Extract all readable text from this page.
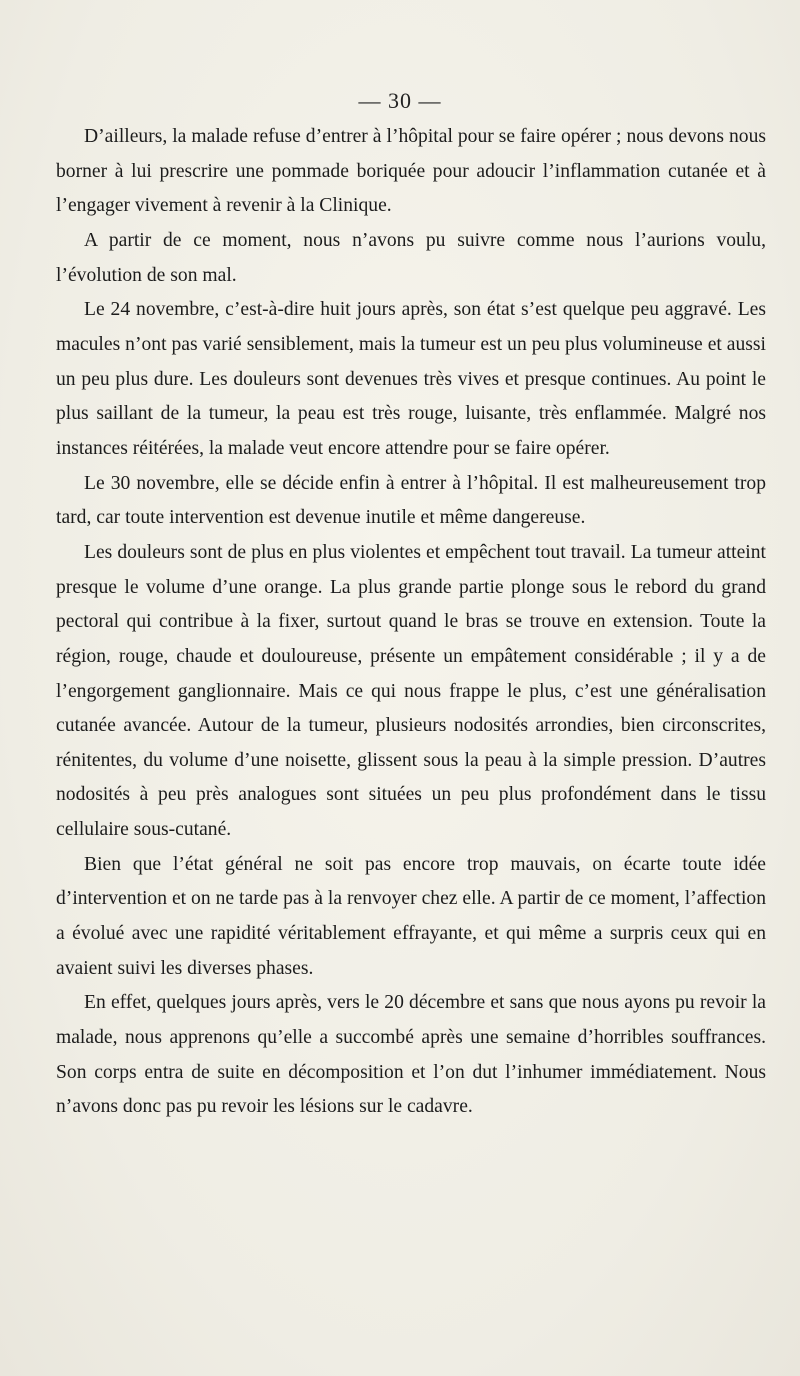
— 30 —

D’ailleurs, la malade refuse d’entrer à l’hôpital pour se faire opérer ; nous devons nous borner à lui prescrire une pommade boriquée pour adoucir l’inflammation cutanée et à l’engager vivement à revenir à la Clinique.

A partir de ce moment, nous n’avons pu suivre comme nous l’aurions voulu, l’évolution de son mal.

Le 24 novembre, c’est-à-dire huit jours après, son état s’est quelque peu aggravé. Les macules n’ont pas varié sensiblement, mais la tumeur est un peu plus volumineuse et aussi un peu plus dure. Les douleurs sont devenues très vives et presque continues. Au point le plus saillant de la tumeur, la peau est très rouge, luisante, très enflammée. Malgré nos instances réitérées, la malade veut encore attendre pour se faire opérer.

Le 30 novembre, elle se décide enfin à entrer à l’hôpital. Il est malheureusement trop tard, car toute intervention est devenue inutile et même dangereuse.

Les douleurs sont de plus en plus violentes et empêchent tout travail. La tumeur atteint presque le volume d’une orange. La plus grande partie plonge sous le rebord du grand pectoral qui contribue à la fixer, surtout quand le bras se trouve en extension. Toute la région, rouge, chaude et douloureuse, présente un empâtement considérable ; il y a de l’engorgement ganglionnaire. Mais ce qui nous frappe le plus, c’est une généralisation cutanée avancée. Autour de la tumeur, plusieurs nodosités arrondies, bien circonscrites, rénitentes, du volume d’une noisette, glissent sous la peau à la simple pression. D’autres nodosités à peu près analogues sont situées un peu plus profondément dans le tissu cellulaire sous-cutané.

Bien que l’état général ne soit pas encore trop mauvais, on écarte toute idée d’intervention et on ne tarde pas à la renvoyer chez elle. A partir de ce moment, l’affection a évolué avec une rapidité véritablement effrayante, et qui même a surpris ceux qui en avaient suivi les diverses phases.

En effet, quelques jours après, vers le 20 décembre et sans que nous ayons pu revoir la malade, nous apprenons qu’elle a succombé après une semaine d’horribles souffrances. Son corps entra de suite en décomposition et l’on dut l’inhumer immédiatement. Nous n’avons donc pas pu revoir les lésions sur le cadavre.
